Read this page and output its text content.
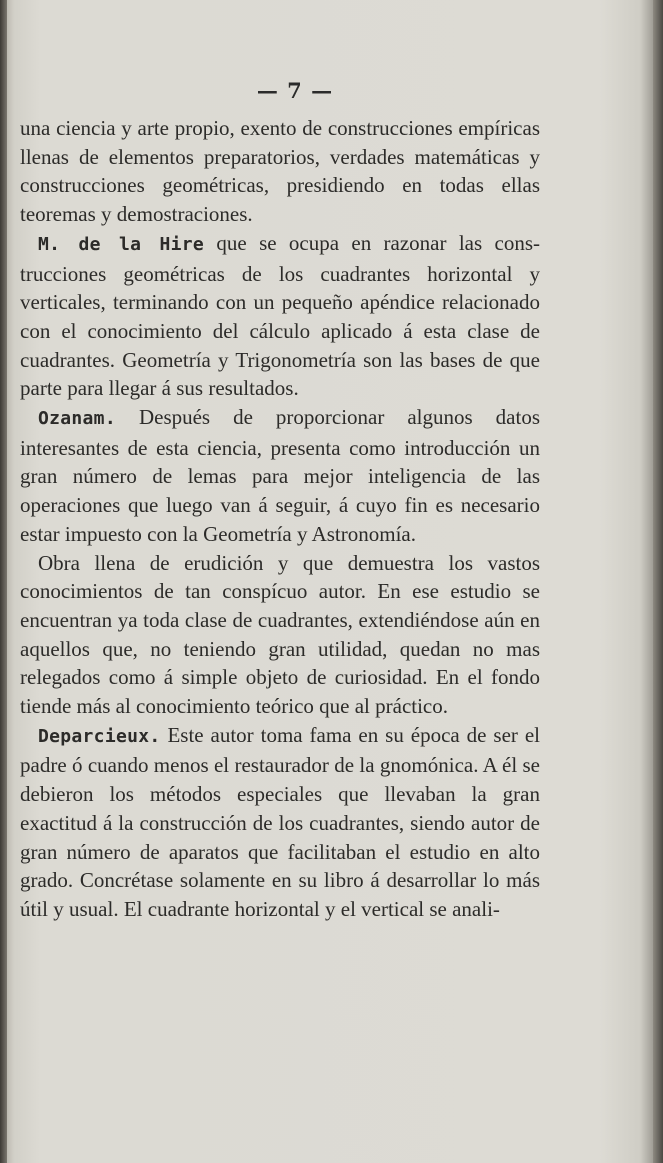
— 7 —

una ciencia y arte propio, exento de construcciones empíricas llenas de elementos preparatorios, verdades matemáticas y construcciones geométricas, presidiendo en todas ellas teoremas y demostraciones.

M. de la Hire que se ocupa en razonar las construcciones geométricas de los cuadrantes horizontal y verticales, terminando con un pequeño apéndice relacionado con el conocimiento del cálculo aplicado á esta clase de cuadrantes. Geometría y Trigonometría son las bases de que parte para llegar á sus resultados.

Ozanam. Después de proporcionar algunos datos interesantes de esta ciencia, presenta como introducción un gran número de lemas para mejor inteligencia de las operaciones que luego van á seguir, á cuyo fin es necesario estar impuesto con la Geometría y Astronomía.

Obra llena de erudición y que demuestra los vastos conocimientos de tan conspícuo autor. En ese estudio se encuentran ya toda clase de cuadrantes, extendiéndose aún en aquellos que, no teniendo gran utilidad, quedan no mas relegados como á simple objeto de curiosidad. En el fondo tiende más al conocimiento teórico que al práctico.

Deparcieux. Este autor toma fama en su época de ser el padre ó cuando menos el restaurador de la gnomónica. A él se debieron los métodos especiales que llevaban la gran exactitud á la construcción de los cuadrantes, siendo autor de gran número de aparatos que facilitaban el estudio en alto grado. Concrétase solamente en su libro á desarrollar lo más útil y usual. El cuadrante horizontal y el vertical se anali-
